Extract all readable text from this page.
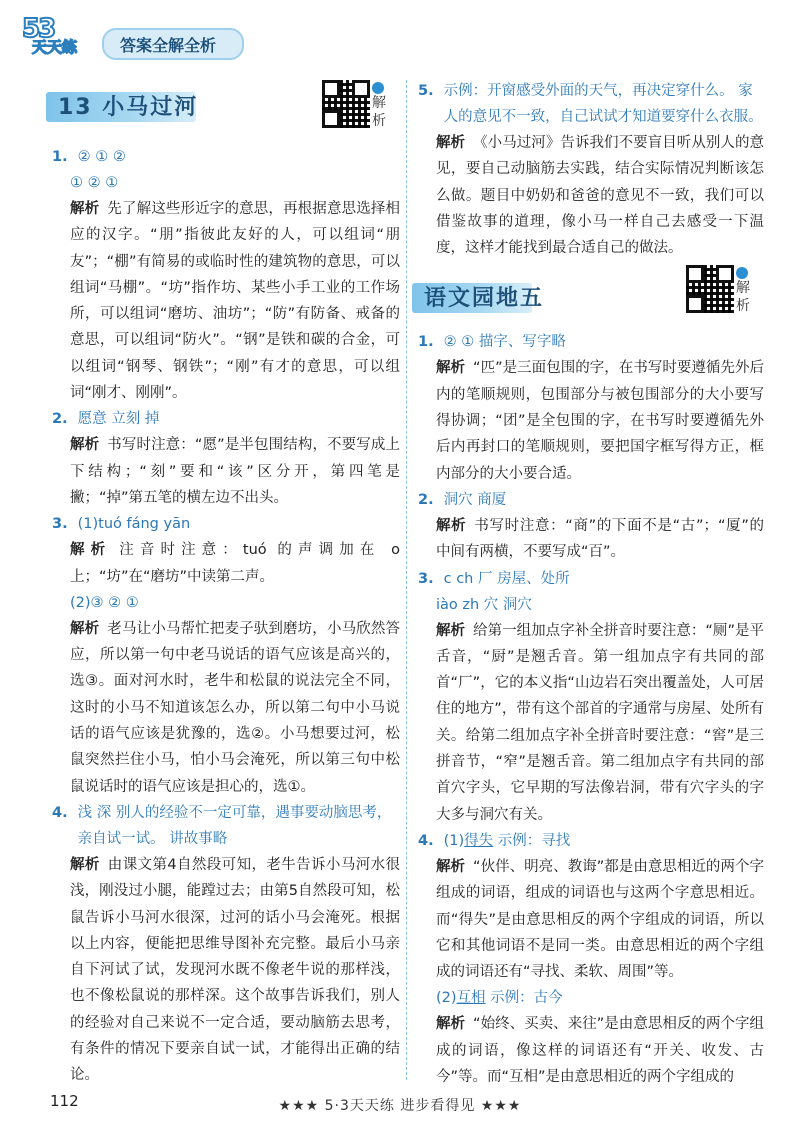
53
天天练	答案全解全析
13 小马过河	解析
1. ② ① ②
① ② ①

解析 先了解这些形近字的意思，再根据意思选择相应的汉字。“朋”指彼此友好的人，可以组词“朋友”；“棚”有简易的或临时性的建筑物的意思，可以组词“马棚”。“坊”指作坊、某些小手工业的工作场所，可以组词“磨坊、油坊”；“防”有防备、戒备的意思，可以组词“防火”。“钢”是铁和碳的合金，可以组词“钢琴、钢铁”；“刚”有才的意思，可以组词“刚才、刚刚”。

2. 愿意 立刻 掉

解析 书写时注意：“愿”是半包围结构，不要写成上下结构；“刻”要和“该”区分开，第四笔是撇；“掉”第五笔的横左边不出头。

3. (1)tuó fáng yān

解析 注音时注意：tuó 的声调加在 o 上；“坊”在“磨坊”中读第二声。

(2)③ ② ①

解析 老马让小马帮忙把麦子驮到磨坊，小马欣然答应，所以第一句中老马说话的语气应该是高兴的，选③。面对河水时，老牛和松鼠的说法完全不同，这时的小马不知道该怎么办，所以第二句中小马说话的语气应该是犹豫的，选②。小马想要过河，松鼠突然拦住小马，怕小马会淹死，所以第三句中松鼠说话时的语气应该是担心的，选①。

4. 浅 深 别人的经验不一定可靠，遇事要动脑思考，亲自试一试。 讲故事略

解析 由课文第4自然段可知，老牛告诉小马河水很浅，刚没过小腿，能蹚过去；由第5自然段可知，松鼠告诉小马河水很深，过河的话小马会淹死。根据以上内容，便能把思维导图补充完整。最后小马亲自下河试了试，发现河水既不像老牛说的那样浅，也不像松鼠说的那样深。这个故事告诉我们，别人的经验对自己来说不一定合适，要动脑筋去思考，有条件的情况下要亲自试一试，才能得出正确的结论。

5. 示例：开窗感受外面的天气，再决定穿什么。 家人的意见不一致，自己试试才知道要穿什么衣服。

解析 《小马过河》告诉我们不要盲目听从别人的意见，要自己动脑筋去实践，结合实际情况判断该怎么做。题目中奶奶和爸爸的意见不一致，我们可以借鉴故事的道理，像小马一样自己去感受一下温度，这样才能找到最合适自己的做法。

语文园地五	解析
1. ② ① 描字、写字略

解析 “匹”是三面包围的字，在书写时要遵循先外后内的笔顺规则，包围部分与被包围部分的大小要写得协调；“团”是全包围的字，在书写时要遵循先外后内再封口的笔顺规则，要把国字框写得方正，框内部分的大小要合适。

2. 洞穴 商厦

解析 书写时注意：“商”的下面不是“古”；“厦”的中间有两横，不要写成“百”。

3. c ch 厂 房屋、处所
iào zh 穴 洞穴

解析 给第一组加点字补全拼音时要注意：“厕”是平舌音，“厨”是翘舌音。第一组加点字有共同的部首“厂”，它的本义指“山边岩石突出覆盖处，人可居住的地方”，带有这个部首的字通常与房屋、处所有关。给第二组加点字补全拼音时要注意：“窖”是三拼音节，“窄”是翘舌音。第二组加点字有共同的部首穴字头，它早期的写法像岩洞，带有穴字头的字大多与洞穴有关。

4. (1)得失 示例：寻找

解析 “伙伴、明亮、教诲”都是由意思相近的两个字组成的词语，组成的词语也与这两个字意思相近。而“得失”是由意思相反的两个字组成的词语，所以它和其他词语不是同一类。由意思相近的两个字组成的词语还有“寻找、柔软、周围”等。

(2)互相 示例：古今

解析 “始终、买卖、来往”是由意思相反的两个字组成的词语，像这样的词语还有“开关、收发、古今”等。而“互相”是由意思相近的两个字组成的

112	★★★ 5·3天天练 进步看得见 ★★★
